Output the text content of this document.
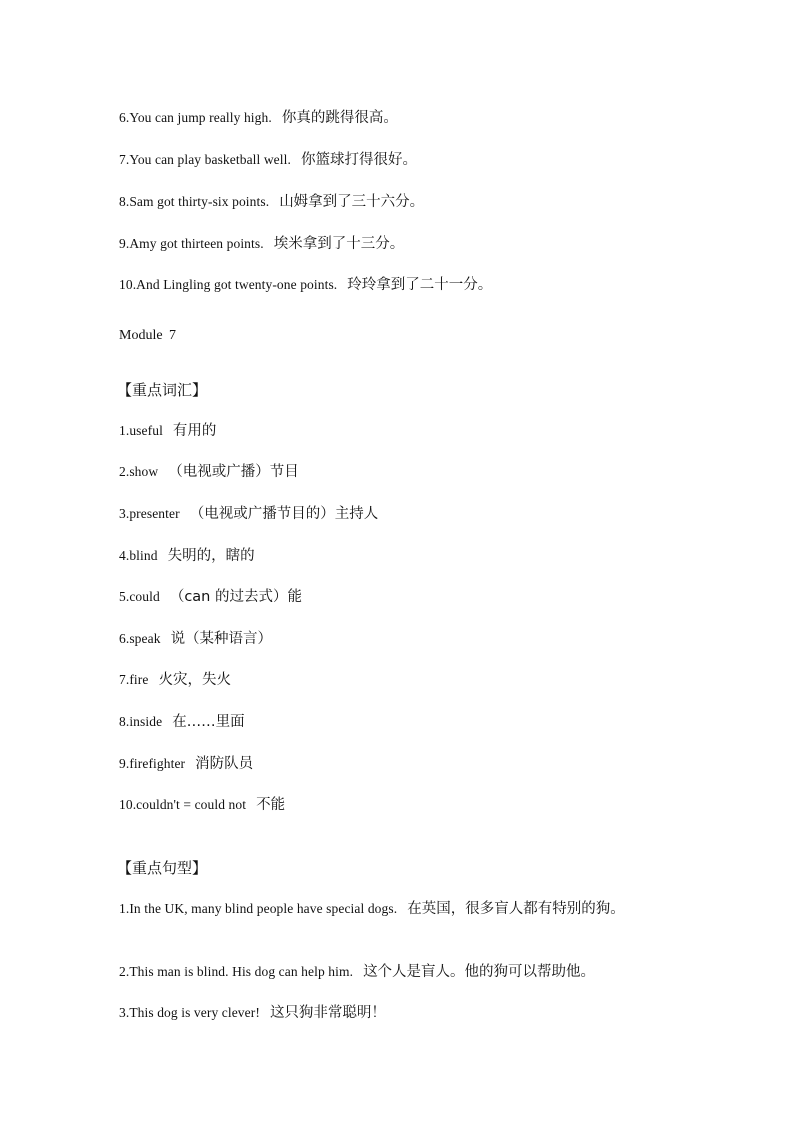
6.You can jump really high. 你真的跳得很高。
7.You can play basketball well. 你篮球打得很好。
8.Sam got thirty-six points. 山姆拿到了三十六分。
9.Amy got thirteen points. 埃米拿到了十三分。
10.And Lingling got twenty-one points. 玲玲拿到了二十一分。
Module 7
【重点词汇】
1.useful 有用的
2.show （电视或广播）节目
3.presenter （电视或广播节目的）主持人
4.blind 失明的，瞎的
5.could （can 的过去式）能
6.speak 说（某种语言）
7.fire 火灾，失火
8.inside 在……里面
9.firefighter 消防队员
10.couldn't = could not 不能
【重点句型】
1.In the UK, many blind people have special dogs. 在英国，很多盲人都有特别的狗。
2.This man is blind. His dog can help him. 这个人是盲人。他的狗可以帮助他。
3.This dog is very clever! 这只狗非常聪明！
